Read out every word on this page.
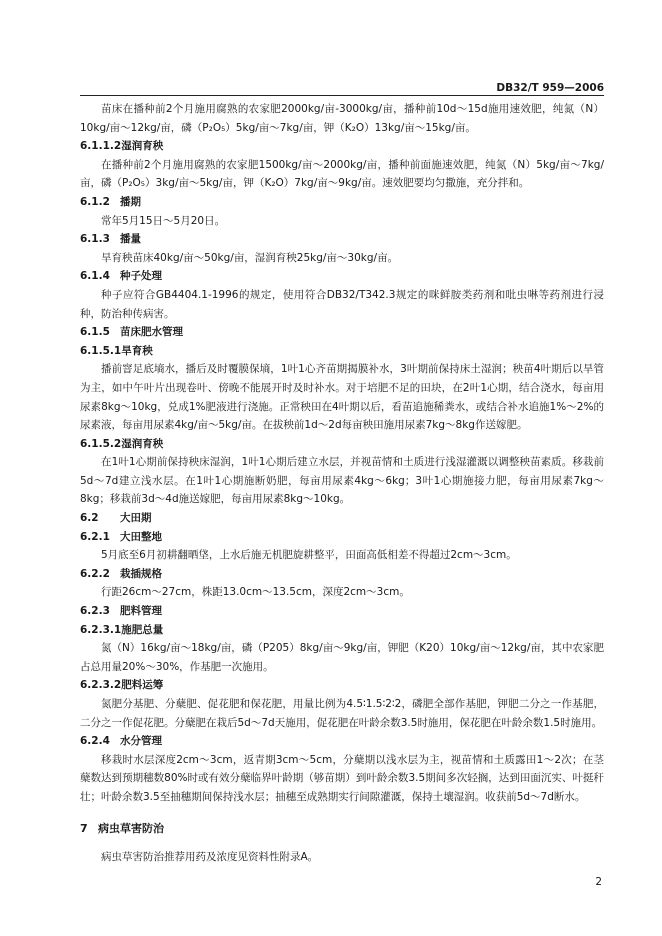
DB32/T 959—2006
苗床在播种前2个月施用腐熟的农家肥2000kg/亩-3000kg/亩，播种前10d～15d施用速效肥，纯氮（N）10kg/亩～12kg/亩，磷（P₂O₅）5kg/亩～7kg/亩，钾（K₂O）13kg/亩～15kg/亩。
6.1.1.2湿润育秧
在播种前2个月施用腐熟的农家肥1500kg/亩～2000kg/亩，播种前面施速效肥，纯氮（N）5kg/亩～7kg/亩，磷（P₂O₅）3kg/亩～5kg/亩，钾（K₂O）7kg/亩～9kg/亩。速效肥要均匀撒施，充分拌和。
6.1.2 播期
常年5月15日～5月20日。
6.1.3 播量
旱育秧苗床40kg/亩～50kg/亩，湿润育秧25kg/亩～30kg/亩。
6.1.4 种子处理
种子应符合GB4404.1-1996的规定，使用符合DB32/T342.3规定的咪鲜胺类药剂和吡虫啉等药剂进行浸种，防治种传病害。
6.1.5 苗床肥水管理
6.1.5.1旱育秧
播前窨足底墒水，播后及时覆膜保墒，1叶1心齐苗期揭膜补水，3叶期前保持床土湿润；秧苗4叶期后以旱管为主，如中午叶片出现卷叶、傍晚不能展开时及时补水。对于培肥不足的田块，在2叶1心期，结合浇水，每亩用尿素8kg～10kg，兑成1%肥液进行浇施。正常秧田在4叶期以后，看苗追施稀粪水，或结合补水追施1%～2%的尿素液，每亩用尿素4kg/亩～5kg/亩。在拔秧前1d～2d每亩秧田施用尿素7kg～8kg作送嫁肥。
6.1.5.2湿润育秧
在1叶1心期前保持秧床湿润，1叶1心期后建立水层，并视苗情和土质进行浅湿灌溉以调整秧苗素质。移栽前5d～7d建立浅水层。在1叶1心期施断奶肥，每亩用尿素4kg～6kg；3叶1心期施接力肥，每亩用尿素7kg～8kg；移栽前3d～4d施送嫁肥，每亩用尿素8kg～10kg。
6.2 大田期
6.2.1 大田整地
5月底至6月初耕翻晒垡，上水后施无机肥旋耕整平，田面高低相差不得超过2cm～3cm。
6.2.2 栽插规格
行距26cm～27cm，株距13.0cm～13.5cm，深度2cm～3cm。
6.2.3 肥料管理
6.2.3.1施肥总量
氮（N）16kg/亩～18kg/亩，磷（P205）8kg/亩～9kg/亩，钾肥（K20）10kg/亩～12kg/亩，其中农家肥占总用量20%～30%，作基肥一次施用。
6.2.3.2肥料运筹
氮肥分基肥、分蘖肥、促花肥和保花肥，用量比例为4.5∶1.5∶2∶2，磷肥全部作基肥，钾肥二分之一作基肥，二分之一作促花肥。分蘖肥在栽后5d～7d天施用，促花肥在叶龄余数3.5时施用，保花肥在叶龄余数1.5时施用。
6.2.4 水分管理
移栽时水层深度2cm～3cm，返青期3cm～5cm，分蘖期以浅水层为主，视苗情和土质露田1～2次；在茎蘖数达到预期穗数80%时或有效分蘖临界叶龄期（够苗期）到叶龄余数3.5期间多次轻搁，达到田面沉实、叶挺秆壮；叶龄余数3.5至抽穗期间保持浅水层；抽穗至成熟期实行间隙灌溉，保持土壤湿润。收获前5d～7d断水。
7 病虫草害防治
病虫草害防治推荐用药及浓度见资料性附录A。
2
